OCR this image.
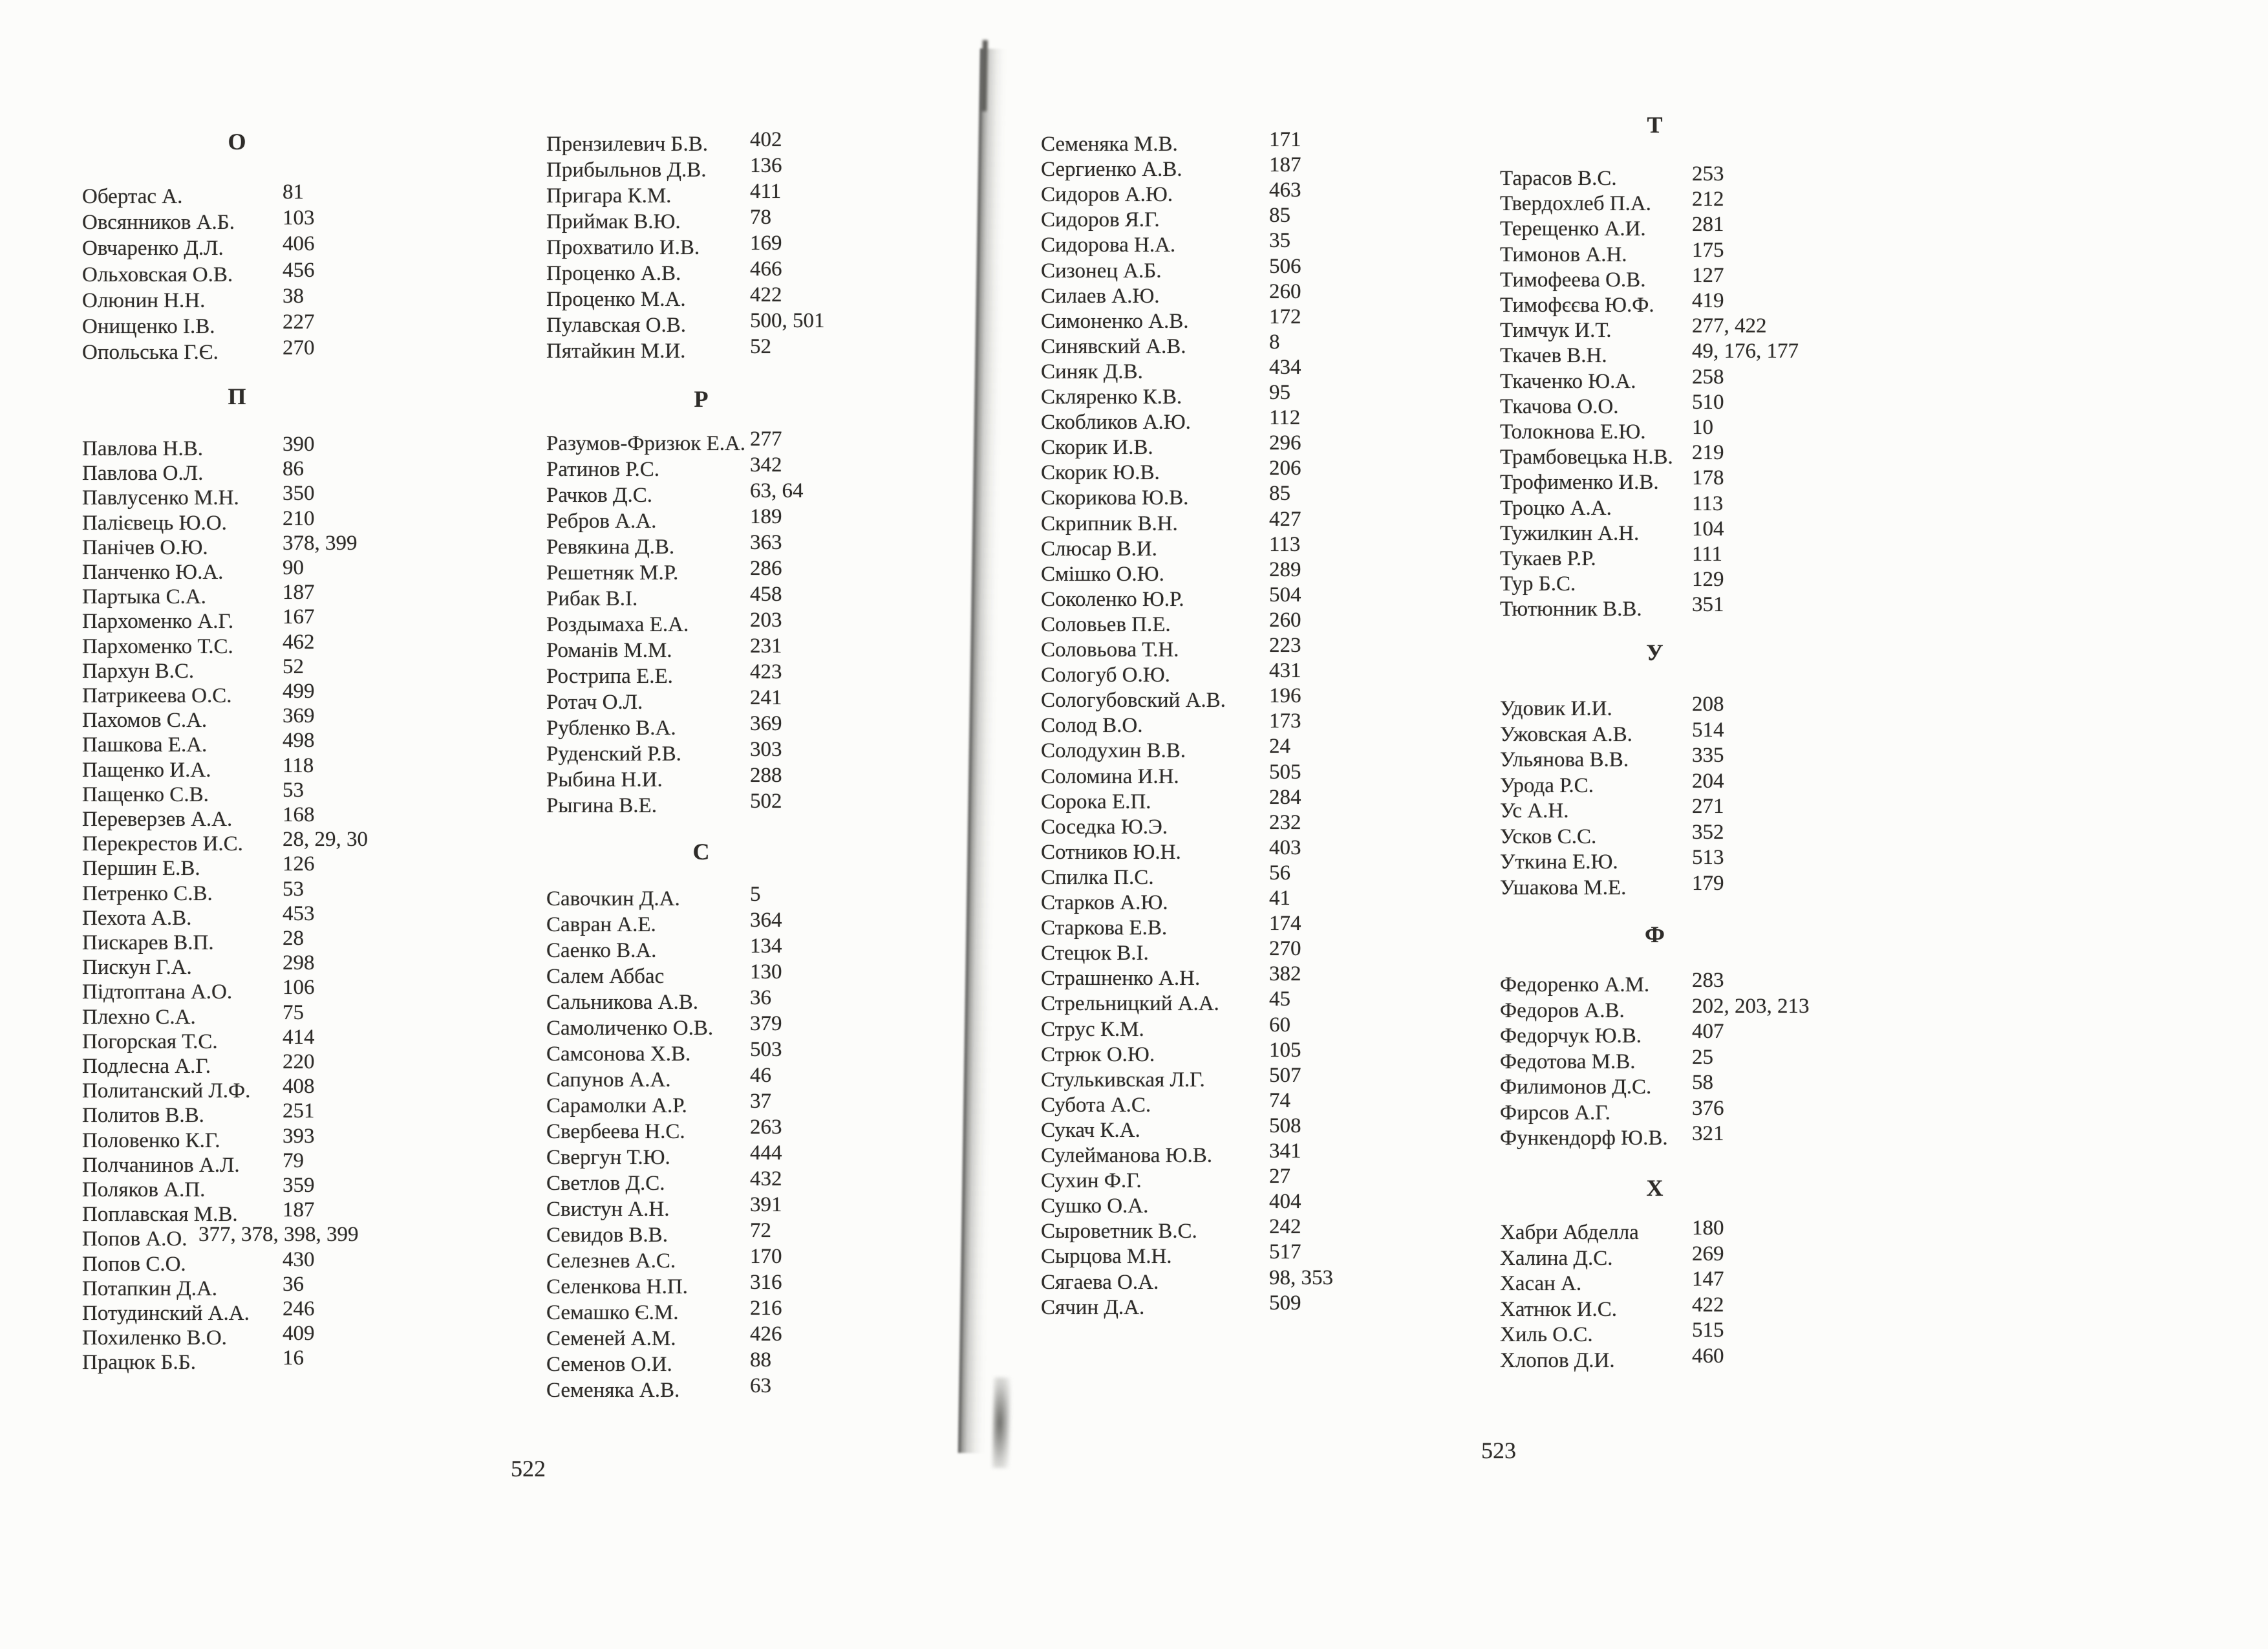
О
Обертас А.	81
Овсянников А.Б. 103
Овчаренко Д.Л.	406
Ольховская О.В. 456
Олюнин Н.Н.	38
Онищенко І.В.	227
Опольська Г.Є.	270
П
Павлова Н.В.	390
Павлова О.Л.	86
Павлусенко М.Н. 350
Палієвець Ю.О.	210
Панічев О.Ю.	378, 399
Панченко Ю.А.	90
Партыка С.А.	187
Пархоменко А.Г. 167
Пархоменко Т.С. 462
Пархун В.С.	52
Патрикеева О.С. 499
Пахомов С.А.	369
Пашкова Е.А.	498
Пащенко И.А.	118
Пащенко С.В.	53
Переверзев А.А. 168
Перекрестов И.С. 28, 29, 30
Першин Е.В.	126
Петренко С.В.	53
Пехота А.В.	453
Пискарев В.П.	28
Пискун Г.А.	298
Підтоптана А.О. 106
Плехно С.А.	75
Погорская Т.С.	414
Подлесна А.Г.	220
Политанский Л.Ф. 408
Политов В.В.	251
Половенко К.Г.	393
Полчанинов А.Л. 79
Поляков А.П.	359
Поплавская М.В. 187
Попов А.О. 377, 378, 398, 399
Попов С.О.	430
Потапкин Д.А.	36
Потудинский А.А. 246
Похиленко В.О.	409
Працюк Б.Б.	16
Прензилевич Б.В. 402
Прибыльнов Д.В. 136
Пригара К.М.	411
Приймак В.Ю.	78
Прохватило И.В. 169
Проценко А.В.	466
Проценко М.А.	422
Пулавская О.В.	500, 501
Пятайкин М.И.	52
Р
Разумов-Фризюк Е.А. 277
Ратинов Р.С.	342
Рачков Д.С.	63, 64
Ребров А.А.	189
Ревякина Д.В.	363
Решетняк М.Р.	286
Рибак В.І.	458
Роздымаха Е.А.	203
Романів М.М.	231
Рострипа Е.Е.	423
Ротач О.Л.	241
Рубленко В.А.	369
Руденский Р.В.	303
Рыбина Н.И.	288
Рыгина В.Е.	502
С
Савочкин Д.А.	5
Савран А.Е.	364
Саенко В.А.	134
Салем Аббас	130
Сальникова А.В. 36
Самоличенко О.В. 379
Самсонова Х.В.	503
Сапунов А.А.	46
Сарамолки А.Р.	37
Свербеева Н.С.	263
Свергун Т.Ю.	444
Светлов Д.С.	432
Свистун А.Н.	391
Севидов В.В.	72
Селезнев А.С.	170
Селенкова Н.П.	316
Семашко Є.М.	216
Семеней А.М.	426
Семенов О.И.	88
Семеняка А.В.	63
522
Семеняка М.В.	171
Сергиенко А.В.	187
Сидоров А.Ю.	463
Сидоров Я.Г.	85
Сидорова Н.А.	35
Сизонец А.Б.	506
Силаев А.Ю.	260
Симоненко А.В.	172
Синявский А.В.	8
Синяк Д.В.	434
Скляренко К.В.	95
Скобликов А.Ю.	112
Скорик И.В.	296
Скорик Ю.В.	206
Скорикова Ю.В.	85
Скрипник В.Н.	427
Слюсар В.И.	113
Смішко О.Ю.	289
Соколенко Ю.Р.	504
Соловьев П.Е.	260
Соловьова Т.Н.	223
Сологуб О.Ю.	431
Сологубовский А.В. 196
Солод В.О.	173
Солодухин В.В.	24
Соломина И.Н.	505
Сорока Е.П.	284
Соседка Ю.Э.	232
Сотников Ю.Н.	403
Спилка П.С.	56
Старков А.Ю.	41
Старкова Е.В.	174
Стецюк В.І.	270
Страшненко А.Н.	382
Стрельницкий А.А. 45
Струс К.М.	60
Стрюк О.Ю.	105
Стулькивская Л.Г.	507
Субота А.С.	74
Сукач К.А.	508
Сулейманова Ю.В.	341
Сухин Ф.Г.	27
Сушко О.А.	404
Сыроветник В.С.	242
Сырцова М.Н.	517
Сягаева О.А.	98, 353
Сячин Д.А.	509
Т
Тарасов В.С.	253
Твердохлеб П.А. 212
Терещенко А.И. 281
Тимонов А.Н.	175
Тимофеева О.В. 127
Тимофєєва Ю.Ф. 419
Тимчук И.Т.	277, 422
Ткачев В.Н.	49, 176, 177
Ткаченко Ю.А.	258
Ткачова О.О.	510
Толокнова Е.Ю. 10
Трамбовецька Н.В. 219
Трофименко И.В. 178
Троцко А.А.	113
Тужилкин А.Н. 104
Тукаев Р.Р.	111
Тур Б.С.	129
Тютюнник В.В. 351
У
Удовик И.И.	208
Ужовская А.В.	514
Ульянова В.В.	335
Урода Р.С.	204
Ус А.Н.	271
Усков С.С.	352
Уткина Е.Ю.	513
Ушакова М.Е.	179
Ф
Федоренко А.М. 283
Федоров А.В.	202, 203, 213
Федорчук Ю.В. 407
Федотова М.В.	25
Филимонов Д.С. 58
Фирсов А.Г.	376
Функендорф Ю.В. 321
Х
Хабри Абделла 180
Халина Д.С.	269
Хасан А.	147
Хатнюк И.С.	422
Хиль О.С.	515
Хлопов Д.И.	460
523
